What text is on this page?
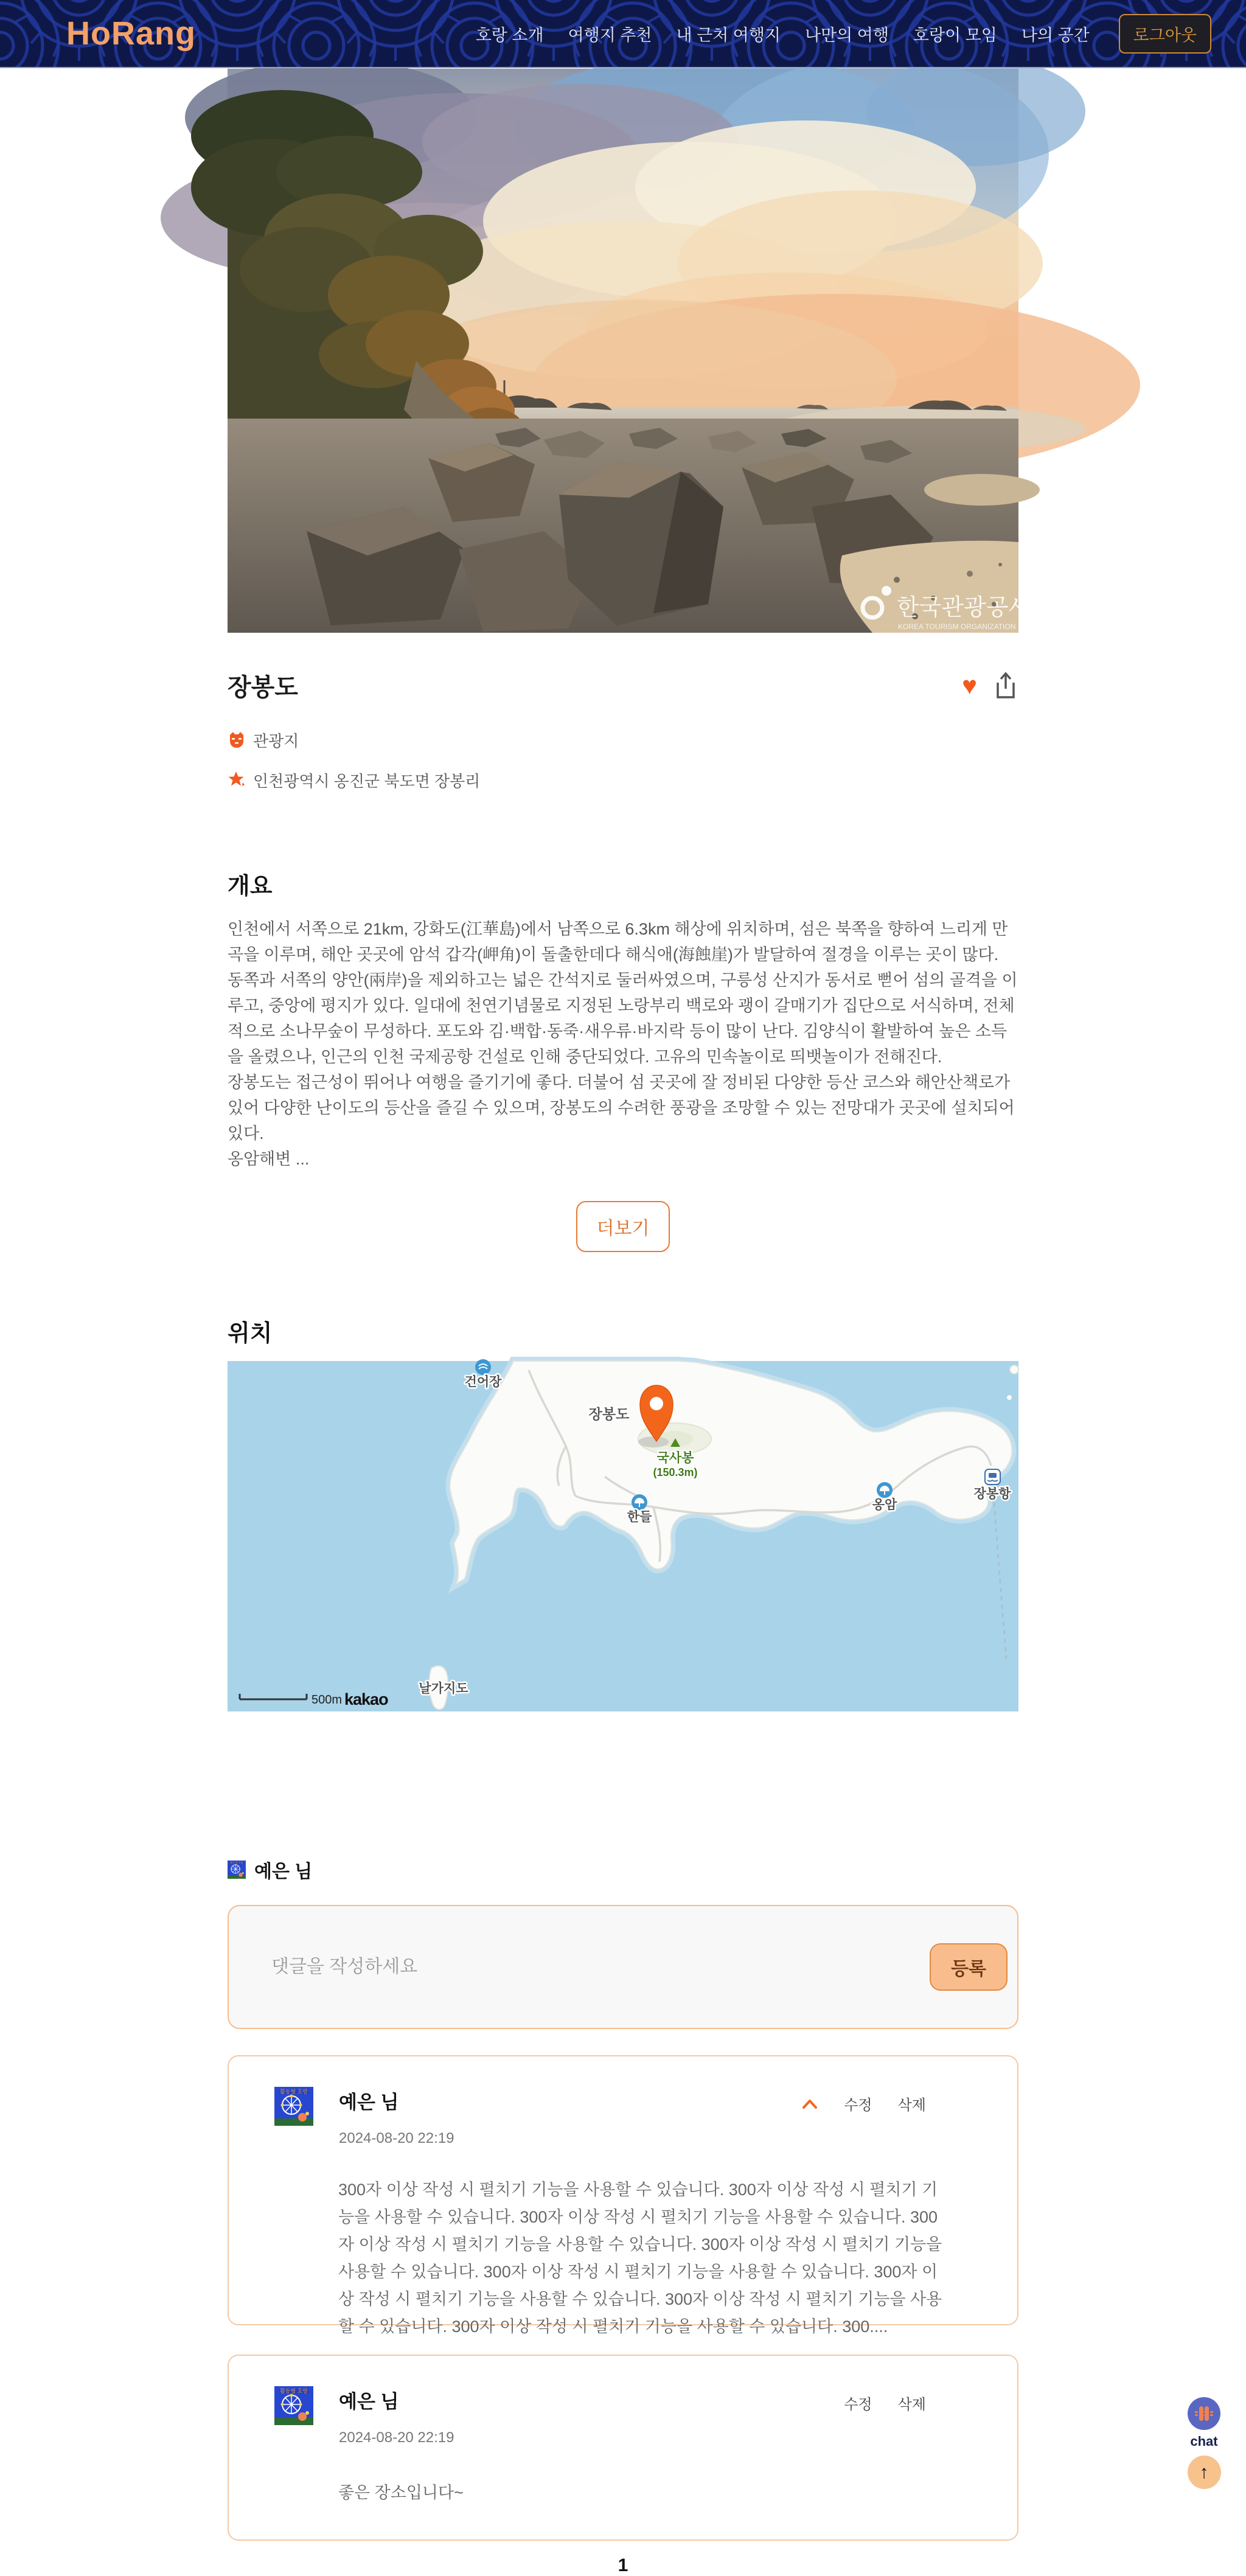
HoRang	호랑 소개 여행지 추천 내 근처 여행지 나만의 여행 호랑이 모임 나의 공간	로그아웃
한국관광공사
KOREA TOURISM ORGANIZATION
장봉도	♥
관광지
인천광역시 옹진군 북도면 장봉리
개요

인천에서 서쪽으로 21km, 강화도(江華島)에서 남쪽으로 6.3km 해상에 위치하며, 섬은 북쪽을 향하여 느리게 만곡을 이루며, 해안 곳곳에 암석 갑각(岬角)이 돌출한데다 해식애(海蝕崖)가 발달하여 절경을 이루는 곳이 많다. 동쪽과 서쪽의 양안(兩岸)을 제외하고는 넓은 간석지로 둘러싸였으며, 구릉성 산지가 동서로 뻗어 섬의 골격을 이루고, 중앙에 평지가 있다. 일대에 천연기념물로 지정된 노랑부리 백로와 괭이 갈매기가 집단으로 서식하며, 전체적으로 소나무숲이 무성하다. 포도와 김·백합·동죽·새우류·바지락 등이 많이 난다. 김양식이 활발하여 높은 소득을 올렸으나, 인근의 인천 국제공항 건설로 인해 중단되었다. 고유의 민속놀이로 띄뱃놀이가 전해진다.

장봉도는 접근성이 뛰어나 여행을 즐기기에 좋다. 더불어 섬 곳곳에 잘 정비된 다양한 등산 코스와 해안산책로가 있어 다양한 난이도의 등산을 즐길 수 있으며, 장봉도의 수려한 풍광을 조망할 수 있는 전망대가 곳곳에 설치되어있다.

옹암해변 ...

더보기
위치
건어장
장봉도
국사봉
(150.3m)
한들
옹암
장봉항
날가지도
500m kakao
활동형 호랑 예은 님
댓글을 작성하세요
등록
활동형 호랑 예은 님
2024-08-20 22:19
수정 삭제
300자 이상 작성 시 펼치기 기능을 사용할 수 있습니다. 300자 이상 작성 시 펼치기 기능을 사용할 수 있습니다. 300자 이상 작성 시 펼치기 기능을 사용할 수 있습니다. 300자 이상 작성 시 펼치기 기능을 사용할 수 있습니다. 300자 이상 작성 시 펼치기 기능을 사용할 수 있습니다. 300자 이상 작성 시 펼치기 기능을 사용할 수 있습니다. 300자 이상 작성 시 펼치기 기능을 사용할 수 있습니다. 300자 이상 작성 시 펼치기 기능을 사용할 수 있습니다. 300자 이상 작성 시 펼치기 기능을 사용할 수 있습니다. 300....
활동형 호랑 예은 님
2024-08-20 22:19
수정 삭제
좋은 장소입니다~
1
chat
↑
